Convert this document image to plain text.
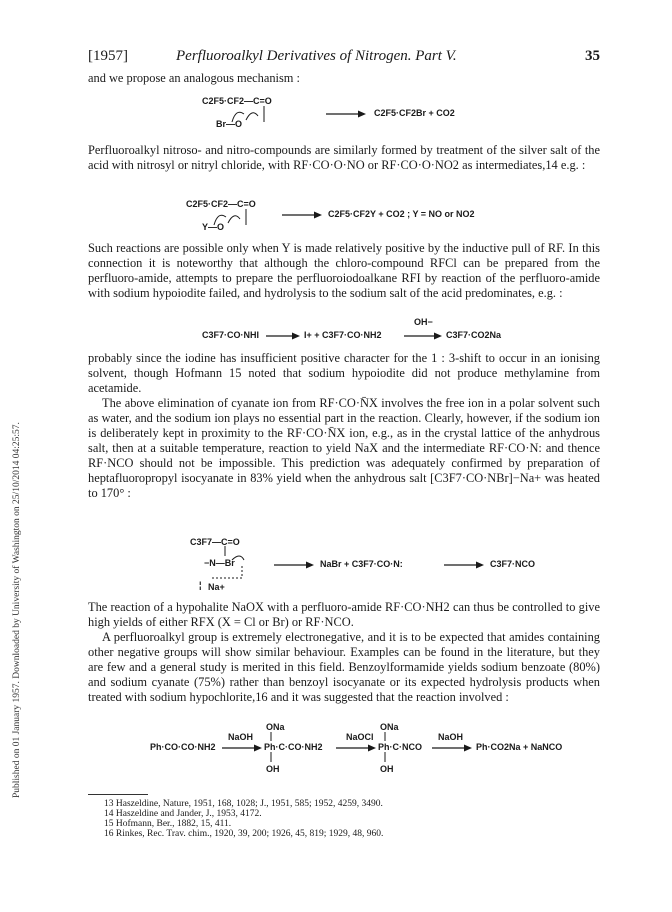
Published on 01 January 1957. Downloaded by University of Washington on 25/10/2014 04:25:57.
[1957]	Perfluoroalkyl Derivatives of Nitrogen. Part V.	35

and we propose an analogous mechanism :

C2F5·CF2—C=O
Br—O
C2F5·CF2Br + CO2

Perfluoroalkyl nitroso- and nitro-compounds are similarly formed by treatment of the silver salt of the acid with nitrosyl or nitryl chloride, with RF·CO·O·NO or RF·CO·O·NO2 as intermediates,14 e.g. :

C2F5·CF2—C=O
Y—O
C2F5·CF2Y + CO2 ; Y = NO or NO2

Such reactions are possible only when Y is made relatively positive by the inductive pull of RF. In this connection it is noteworthy that although the chloro-compound RFCl can be prepared from the perfluoro-amide, attempts to prepare the perfluoroiodoalkane RFI by reaction of the perfluoro-amide with sodium hypoiodite failed, and hydrolysis to the sodium salt of the acid predominates, e.g. :

C3F7·CO·NHI	I+ + C3F7·CO·NH2
OH−
C3F7·CO2Na

probably since the iodine has insufficient positive character for the 1 : 3-shift to occur in an ionising solvent, though Hofmann 15 noted that sodium hypoiodite did not produce methylamine from acetamide.

The above elimination of cyanate ion from RF·CO·N̄X involves the free ion in a polar solvent such as water, and the sodium ion plays no essential part in the reaction. Clearly, however, if the sodium ion is deliberately kept in proximity to the RF·CO·N̄X ion, e.g., as in the crystal lattice of the anhydrous salt, then at a suitable temperature, reaction to yield NaX and the intermediate RF·CO·N: and thence RF·NCO should not be impossible. This prediction was adequately confirmed by preparation of heptafluoropropyl isocyanate in 83% yield when the anhydrous salt [C3F7·CO·NBr]−Na+ was heated to 170° :

C3F7—C=O
−N—Br
¦ Na+
NaBr + C3F7·CO·N:	C3F7·NCO

The reaction of a hypohalite NaOX with a perfluoro-amide RF·CO·NH2 can thus be controlled to give high yields of either RFX (X = Cl or Br) or RF·NCO.

A perfluoroalkyl group is extremely electronegative, and it is to be expected that amides containing other negative groups will show similar behaviour. Examples can be found in the literature, but they are few and a general study is merited in this field. Benzoylformamide yields sodium benzoate (80%) and sodium cyanate (75%) rather than benzoyl isocyanate or its expected hydrolysis products when treated with sodium hypochlorite,16 and it was suggested that the reaction involved :

Ph·CO·CO·NH2
NaOH
ONa
Ph·C·CO·NH2
OH
NaOCl
ONa
Ph·C·NCO
OH
NaOH
Ph·CO2Na + NaNCO

13 Haszeldine, Nature, 1951, 168, 1028; J., 1951, 585; 1952, 4259, 3490.

14 Haszeldine and Jander, J., 1953, 4172.

15 Hofmann, Ber., 1882, 15, 411.

16 Rinkes, Rec. Trav. chim., 1920, 39, 200; 1926, 45, 819; 1929, 48, 960.
